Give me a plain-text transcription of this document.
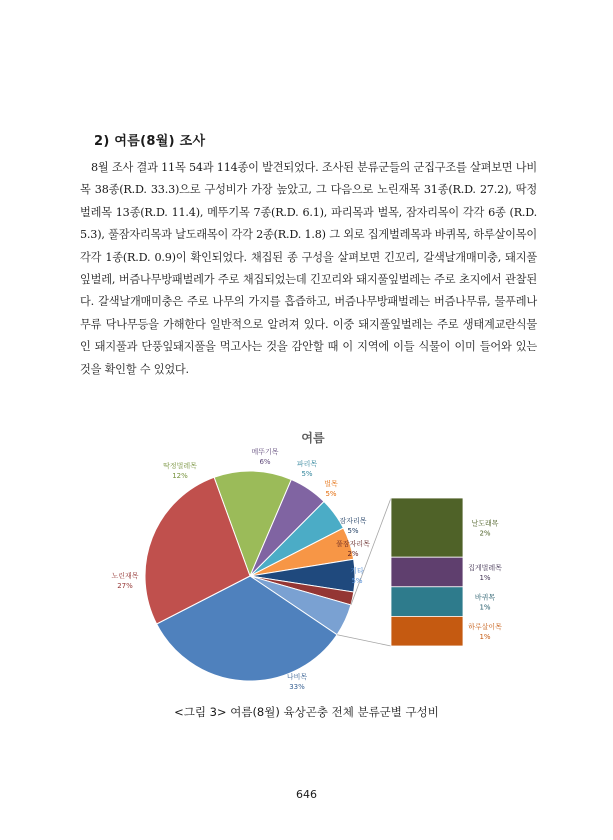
2) 여름(8월) 조사
8월 조사 결과 11목 54과 114종이 발견되었다. 조사된 분류군들의 군집구조를 살펴보면 나비목 38종(R.D. 33.3)으로 구성비가 가장 높았고, 그 다음으로 노린재목 31종(R.D. 27.2), 딱정벌레목 13종(R.D. 11.4), 메뚜기목 7종(R.D. 6.1), 파리목과 벌목, 잠자리목이 각각 6종 (R.D. 5.3), 풀잠자리목과 날도래목이 각각 2종(R.D. 1.8) 그 외로 집게벌레목과 바퀴목, 하루살이목이 각각 1종(R.D. 0.9)이 확인되었다. 채집된 종 구성을 살펴보면 긴꼬리, 갈색날개매미충, 돼지풀잎벌레, 버즘나무방패벌레가 주로 채집되었는데 긴꼬리와 돼지풀잎벌레는 주로 초지에서 관찰된다. 갈색날개매미충은 주로 나무의 가지를 흡즙하고, 버즘나무방패벌레는 버즘나무류, 물푸레나무류 닥나무등을 가해한다 일반적으로 알려져 있다. 이중 돼지풀잎벌레는 주로 생태계교란식물인 돼지풀과 단풍잎돼지풀을 먹고사는 것을 감안할 때 이 지역에 이들 식물이 이미 들어와 있는 것을 확인할 수 있었다.
여름
딱정벌레목
12%
메뚜기목
6%	파리목
5%
벌목
5%
잠자리목
5%
풀잠자리목
2%
기타
5%
나비목
33%
노린재목
27%
날도래목
2%
집게벌레목
1%
바퀴목
1%
하루살이목
1%
<그림 3> 여름(8월) 육상곤충 전체 분류군별 구성비
646
